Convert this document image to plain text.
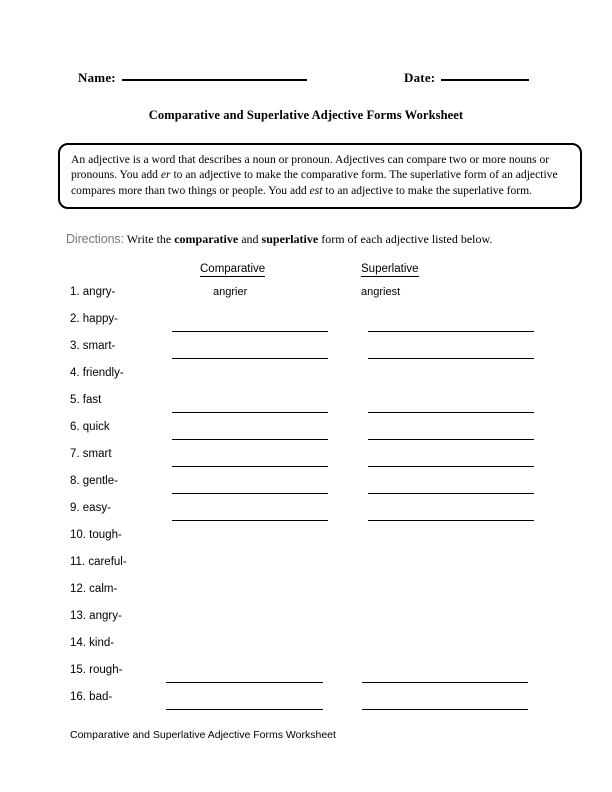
Name:	Date:
Comparative and Superlative Adjective Forms Worksheet
An adjective is a word that describes a noun or pronoun. Adjectives can compare two or more nouns or pronouns. You add er to an adjective to make the comparative form. The superlative form of an adjective compares more than two things or people. You add est to an adjective to make the superlative form.
Directions: Write the comparative and superlative form of each adjective listed below.
Comparative	Superlative
1. angry-	angrier	angriest
2. happy-
3. smart-
4. friendly-
5. fast
6. quick
7. smart
8. gentle-
9. easy-
10. tough-
11. careful-
12. calm-
13. angry-
14. kind-
15. rough-
16. bad-
Comparative and Superlative Adjective Forms Worksheet
